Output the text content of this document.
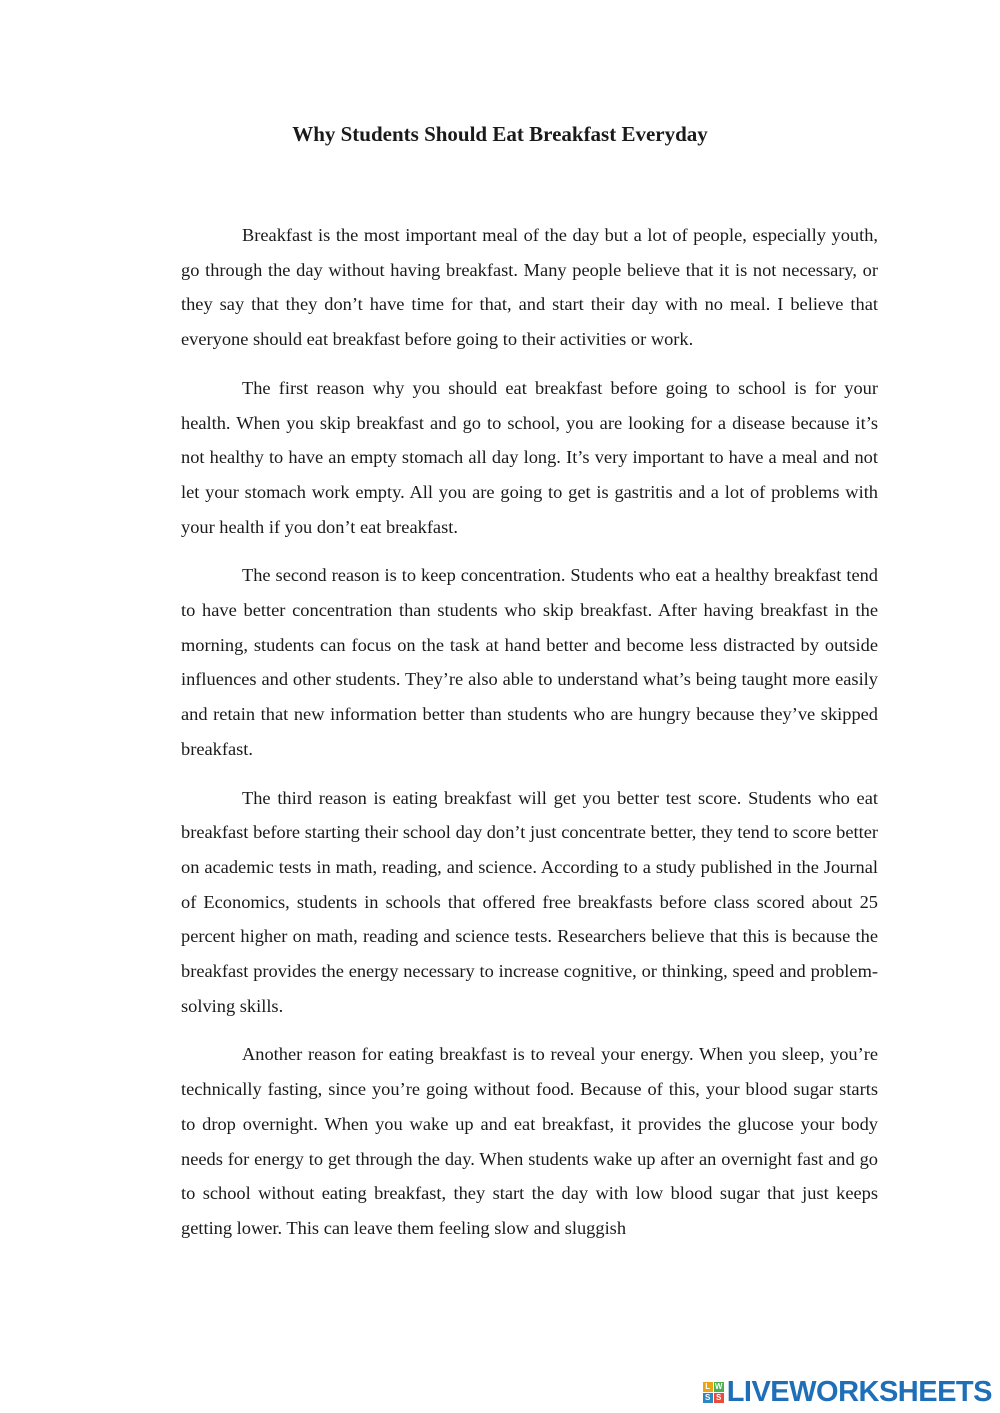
Why Students Should Eat Breakfast Everyday

Breakfast is the most important meal of the day but a lot of people, especially youth, go through the day without having breakfast. Many people believe that it is not necessary, or they say that they don’t have time for that, and start their day with no meal. I believe that everyone should eat breakfast before going to their activities or work.

The first reason why you should eat breakfast before going to school is for your health. When you skip breakfast and go to school, you are looking for a disease because it’s not healthy to have an empty stomach all day long. It’s very important to have a meal and not let your stomach work empty. All you are going to get is gastritis and a lot of problems with your health if you don’t eat breakfast.

The second reason is to keep concentration. Students who eat a healthy breakfast tend to have better concentration than students who skip breakfast. After having breakfast in the morning, students can focus on the task at hand better and become less distracted by outside influences and other students. They’re also able to understand what’s being taught more easily and retain that new information better than students who are hungry because they’ve skipped breakfast.

The third reason is eating breakfast will get you better test score. Students who eat breakfast before starting their school day don’t just concentrate better, they tend to score better on academic tests in math, reading, and science. According to a study published in the Journal of Economics, students in schools that offered free breakfasts before class scored about 25 percent higher on math, reading and science tests. Researchers believe that this is because the breakfast provides the energy necessary to increase cognitive, or thinking, speed and problem-solving skills.

Another reason for eating breakfast is to reveal your energy. When you sleep, you’re technically fasting, since you’re going without food. Because of this, your blood sugar starts to drop overnight. When you wake up and eat breakfast, it provides the glucose your body needs for energy to get through the day. When students wake up after an overnight fast and go to school without eating breakfast, they start the day with low blood sugar that just keeps getting lower. This can leave them feeling slow and sluggish

L W
S S LIVEWORKSHEETS
